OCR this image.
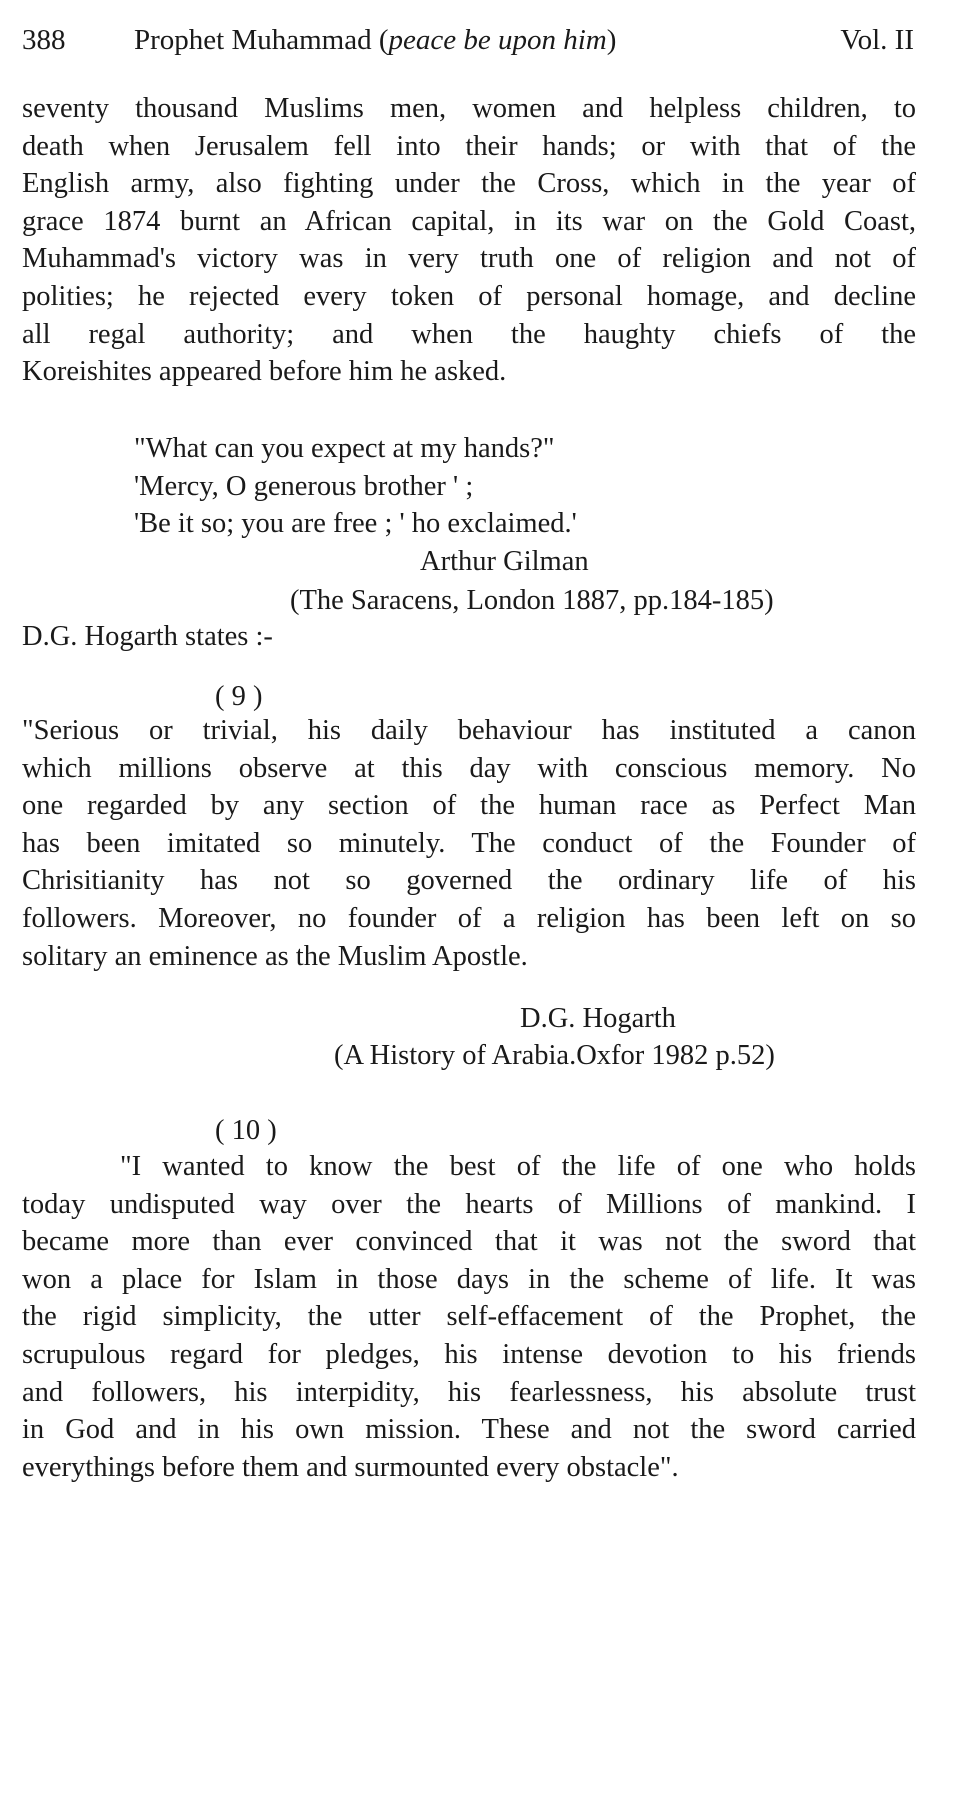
388 Prophet Muhammad (peace be upon him)	Vol. II
seventy thousand Muslims men, women and helpless children, to
death when Jerusalem fell into their hands; or with that of the
English army, also fighting under the Cross, which in the year of
grace 1874 burnt an African capital, in its war on the Gold Coast,
Muhammad's victory was in very truth one of religion and not of
polities; he rejected every token of personal homage, and decline
all regal authority; and when the haughty chiefs of the
Koreishites appeared before him he asked.
"What can you expect at my hands?"
'Mercy, O generous brother ' ;
'Be it so; you are free ; ' ho exclaimed.'
Arthur Gilman
(The Saracens, London 1887, pp.184-185)
D.G. Hogarth states :-
( 9 )
"Serious or trivial, his daily behaviour has instituted a canon
which millions observe at this day with conscious memory. No
one regarded by any section of the human race as Perfect Man
has been imitated so minutely. The conduct of the Founder of
Chrisitianity has not so governed the ordinary life of his
followers. Moreover, no founder of a religion has been left on so
solitary an eminence as the Muslim Apostle.
D.G. Hogarth
(A History of Arabia.Oxfor 1982 p.52)
( 10 )
"I wanted to know the best of the life of one who holds
today undisputed way over the hearts of Millions of mankind. I
became more than ever convinced that it was not the sword that
won a place for Islam in those days in the scheme of life. It was
the rigid simplicity, the utter self-effacement of the Prophet, the
scrupulous regard for pledges, his intense devotion to his friends
and followers, his interpidity, his fearlessness, his absolute trust
in God and in his own mission. These and not the sword carried
everythings before them and surmounted every obstacle".
